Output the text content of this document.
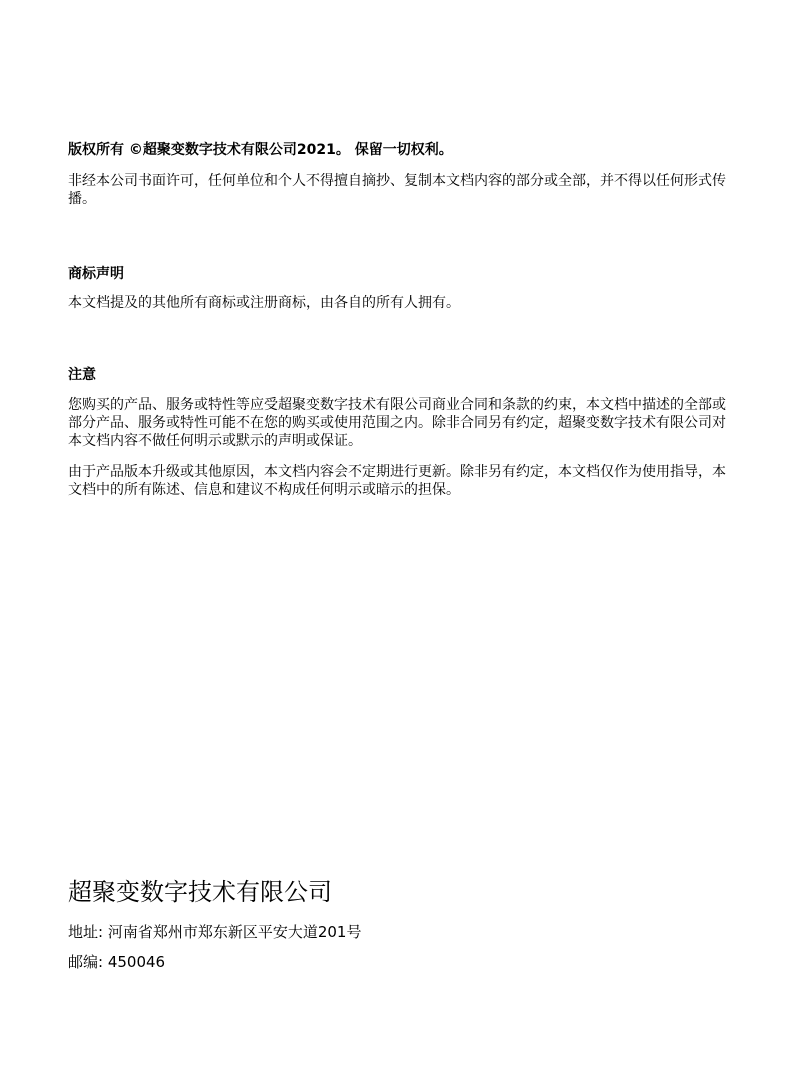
版权所有 ©超聚变数字技术有限公司2021。 保留一切权利。
非经本公司书面许可，任何单位和个人不得擅自摘抄、复制本文档内容的部分或全部，并不得以任何形式传播。
商标声明
本文档提及的其他所有商标或注册商标，由各自的所有人拥有。
注意
您购买的产品、服务或特性等应受超聚变数字技术有限公司商业合同和条款的约束，本文档中描述的全部或部分产品、服务或特性可能不在您的购买或使用范围之内。除非合同另有约定，超聚变数字技术有限公司对本文档内容不做任何明示或默示的声明或保证。
由于产品版本升级或其他原因，本文档内容会不定期进行更新。除非另有约定，本文档仅作为使用指导，本文档中的所有陈述、信息和建议不构成任何明示或暗示的担保。
超聚变数字技术有限公司
地址: 河南省郑州市郑东新区平安大道201号
邮编: 450046
